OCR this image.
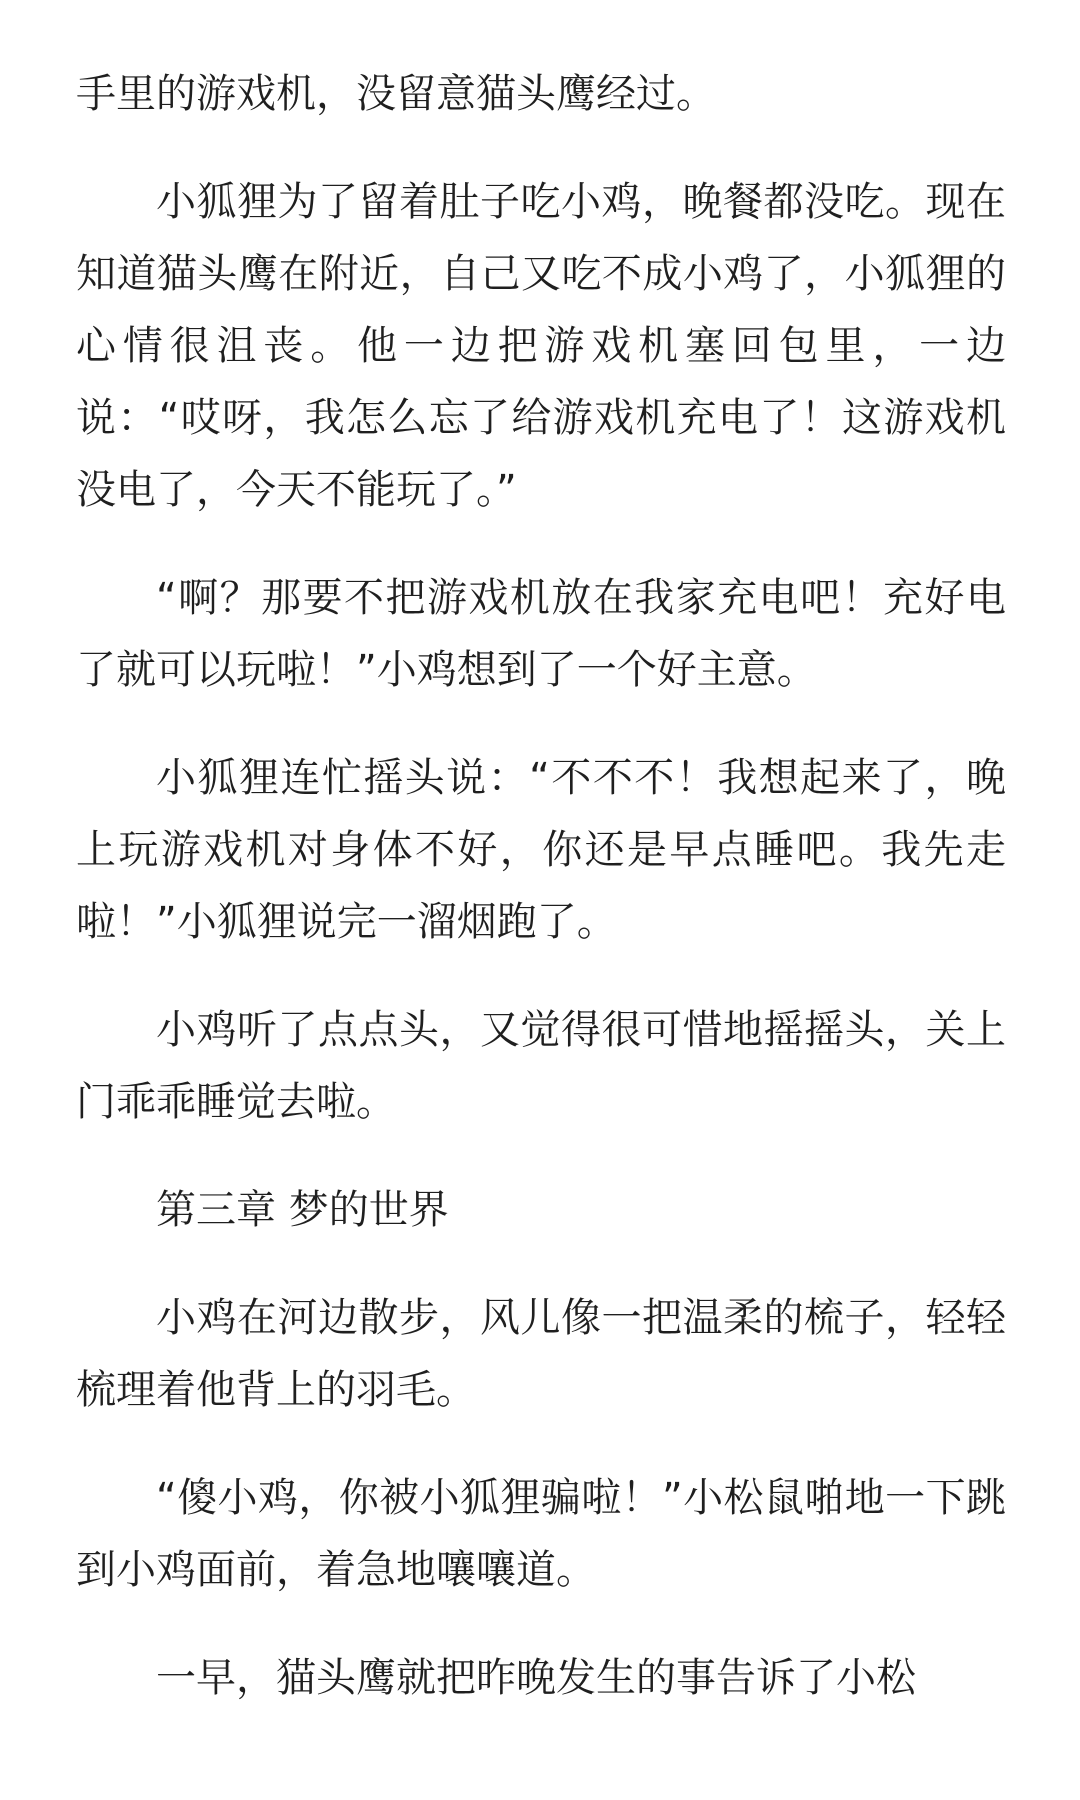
手里的游戏机，没留意猫头鹰经过。

小狐狸为了留着肚子吃小鸡，晚餐都没吃。现在知道猫头鹰在附近，自己又吃不成小鸡了，小狐狸的心情很沮丧。他一边把游戏机塞回包里，一边说：“哎呀，我怎么忘了给游戏机充电了！这游戏机没电了，今天不能玩了。”

“啊？那要不把游戏机放在我家充电吧！充好电了就可以玩啦！”小鸡想到了一个好主意。

小狐狸连忙摇头说：“不不不！我想起来了，晚上玩游戏机对身体不好，你还是早点睡吧。我先走啦！”小狐狸说完一溜烟跑了。

小鸡听了点点头，又觉得很可惜地摇摇头，关上门乖乖睡觉去啦。

第三章 梦的世界

小鸡在河边散步，风儿像一把温柔的梳子，轻轻梳理着他背上的羽毛。

“傻小鸡，你被小狐狸骗啦！”小松鼠啪地一下跳到小鸡面前，着急地嚷嚷道。

一早，猫头鹰就把昨晚发生的事告诉了小松
